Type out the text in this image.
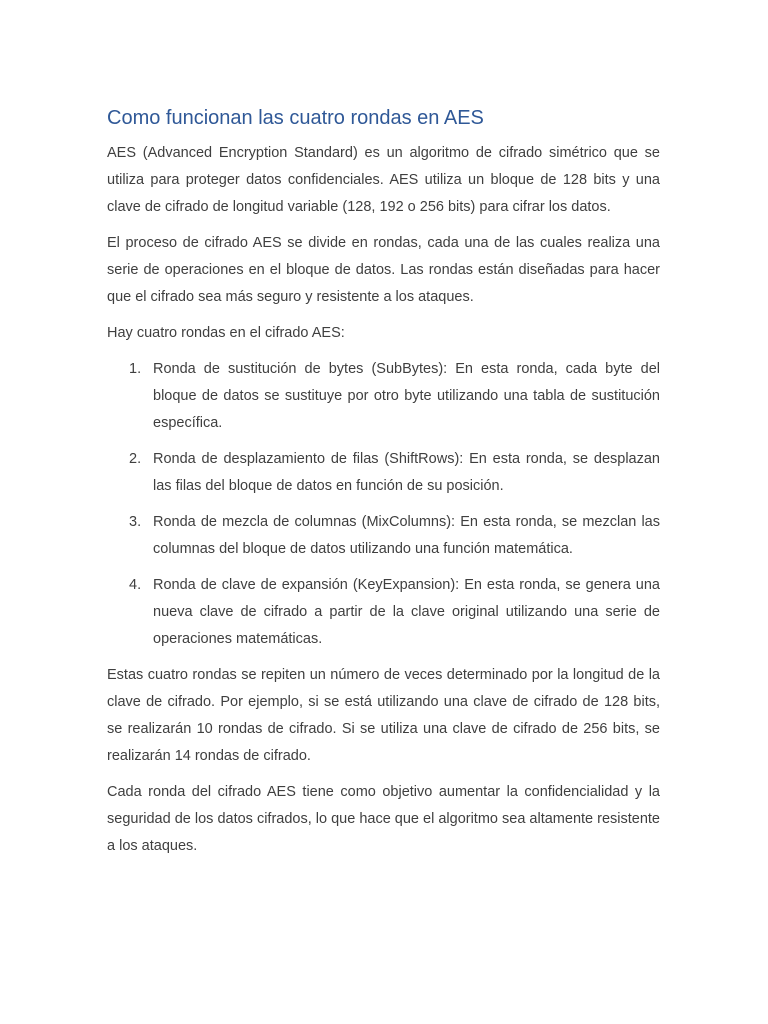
Como funcionan las cuatro rondas en AES

AES (Advanced Encryption Standard) es un algoritmo de cifrado simétrico que se utiliza para proteger datos confidenciales. AES utiliza un bloque de 128 bits y una clave de cifrado de longitud variable (128, 192 o 256 bits) para cifrar los datos.

El proceso de cifrado AES se divide en rondas, cada una de las cuales realiza una serie de operaciones en el bloque de datos. Las rondas están diseñadas para hacer que el cifrado sea más seguro y resistente a los ataques.

Hay cuatro rondas en el cifrado AES:

1. Ronda de sustitución de bytes (SubBytes): En esta ronda, cada byte del bloque de datos se sustituye por otro byte utilizando una tabla de sustitución específica.
2. Ronda de desplazamiento de filas (ShiftRows): En esta ronda, se desplazan las filas del bloque de datos en función de su posición.
3. Ronda de mezcla de columnas (MixColumns): En esta ronda, se mezclan las columnas del bloque de datos utilizando una función matemática.
4. Ronda de clave de expansión (KeyExpansion): En esta ronda, se genera una nueva clave de cifrado a partir de la clave original utilizando una serie de operaciones matemáticas.

Estas cuatro rondas se repiten un número de veces determinado por la longitud de la clave de cifrado. Por ejemplo, si se está utilizando una clave de cifrado de 128 bits, se realizarán 10 rondas de cifrado. Si se utiliza una clave de cifrado de 256 bits, se realizarán 14 rondas de cifrado.

Cada ronda del cifrado AES tiene como objetivo aumentar la confidencialidad y la seguridad de los datos cifrados, lo que hace que el algoritmo sea altamente resistente a los ataques.
